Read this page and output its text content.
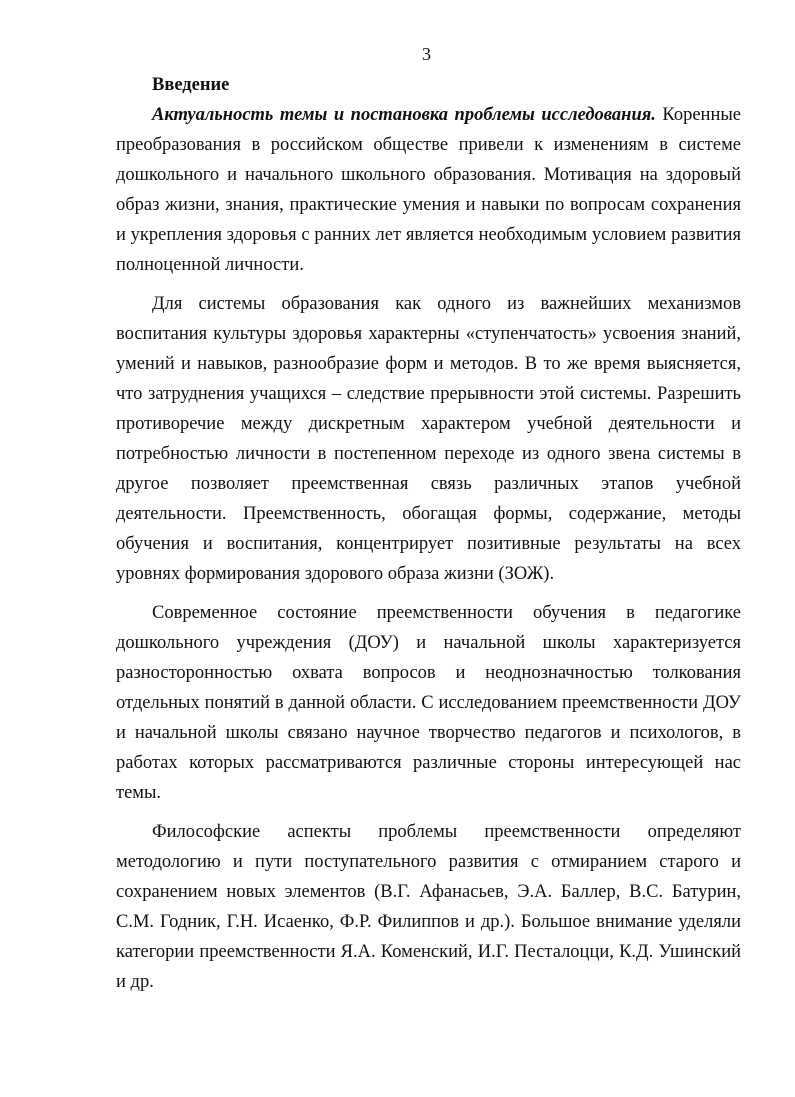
3
Введение

Актуальность темы и постановка проблемы исследования. Коренные преобразования в российском обществе привели к изменениям в системе дошкольного и начального школьного образования. Мотивация на здоровый образ жизни, знания, практические умения и навыки по вопросам сохранения и укрепления здоровья с ранних лет является необходимым условием развития полноценной личности.

Для системы образования как одного из важнейших механизмов воспитания культуры здоровья характерны «ступенчатость» усвоения знаний, умений и навыков, разнообразие форм и методов. В то же время выясняется, что затруднения учащихся – следствие прерывности этой системы. Разрешить противоречие между дискретным характером учебной деятельности и потребностью личности в постепенном переходе из одного звена системы в другое позволяет преемственная связь различных этапов учебной деятельности. Преемственность, обогащая формы, содержание, методы обучения и воспитания, концентрирует позитивные результаты на всех уровнях формирования здорового образа жизни (ЗОЖ).

Современное состояние преемственности обучения в педагогике дошкольного учреждения (ДОУ) и начальной школы характеризуется разносторонностью охвата вопросов и неоднозначностью толкования отдельных понятий в данной области. С исследованием преемственности ДОУ и начальной школы связано научное творчество педагогов и психологов, в работах которых рассматриваются различные стороны интересующей нас темы.

Философские аспекты проблемы преемственности определяют методологию и пути поступательного развития с отмиранием старого и сохранением новых элементов (В.Г. Афанасьев, Э.А. Баллер, В.С. Батурин, С.М. Годник, Г.Н. Исаенко, Ф.Р. Филиппов и др.). Большое внимание уделяли категории преемственности Я.А. Коменский, И.Г. Песталоцци, К.Д. Ушинский и др.
